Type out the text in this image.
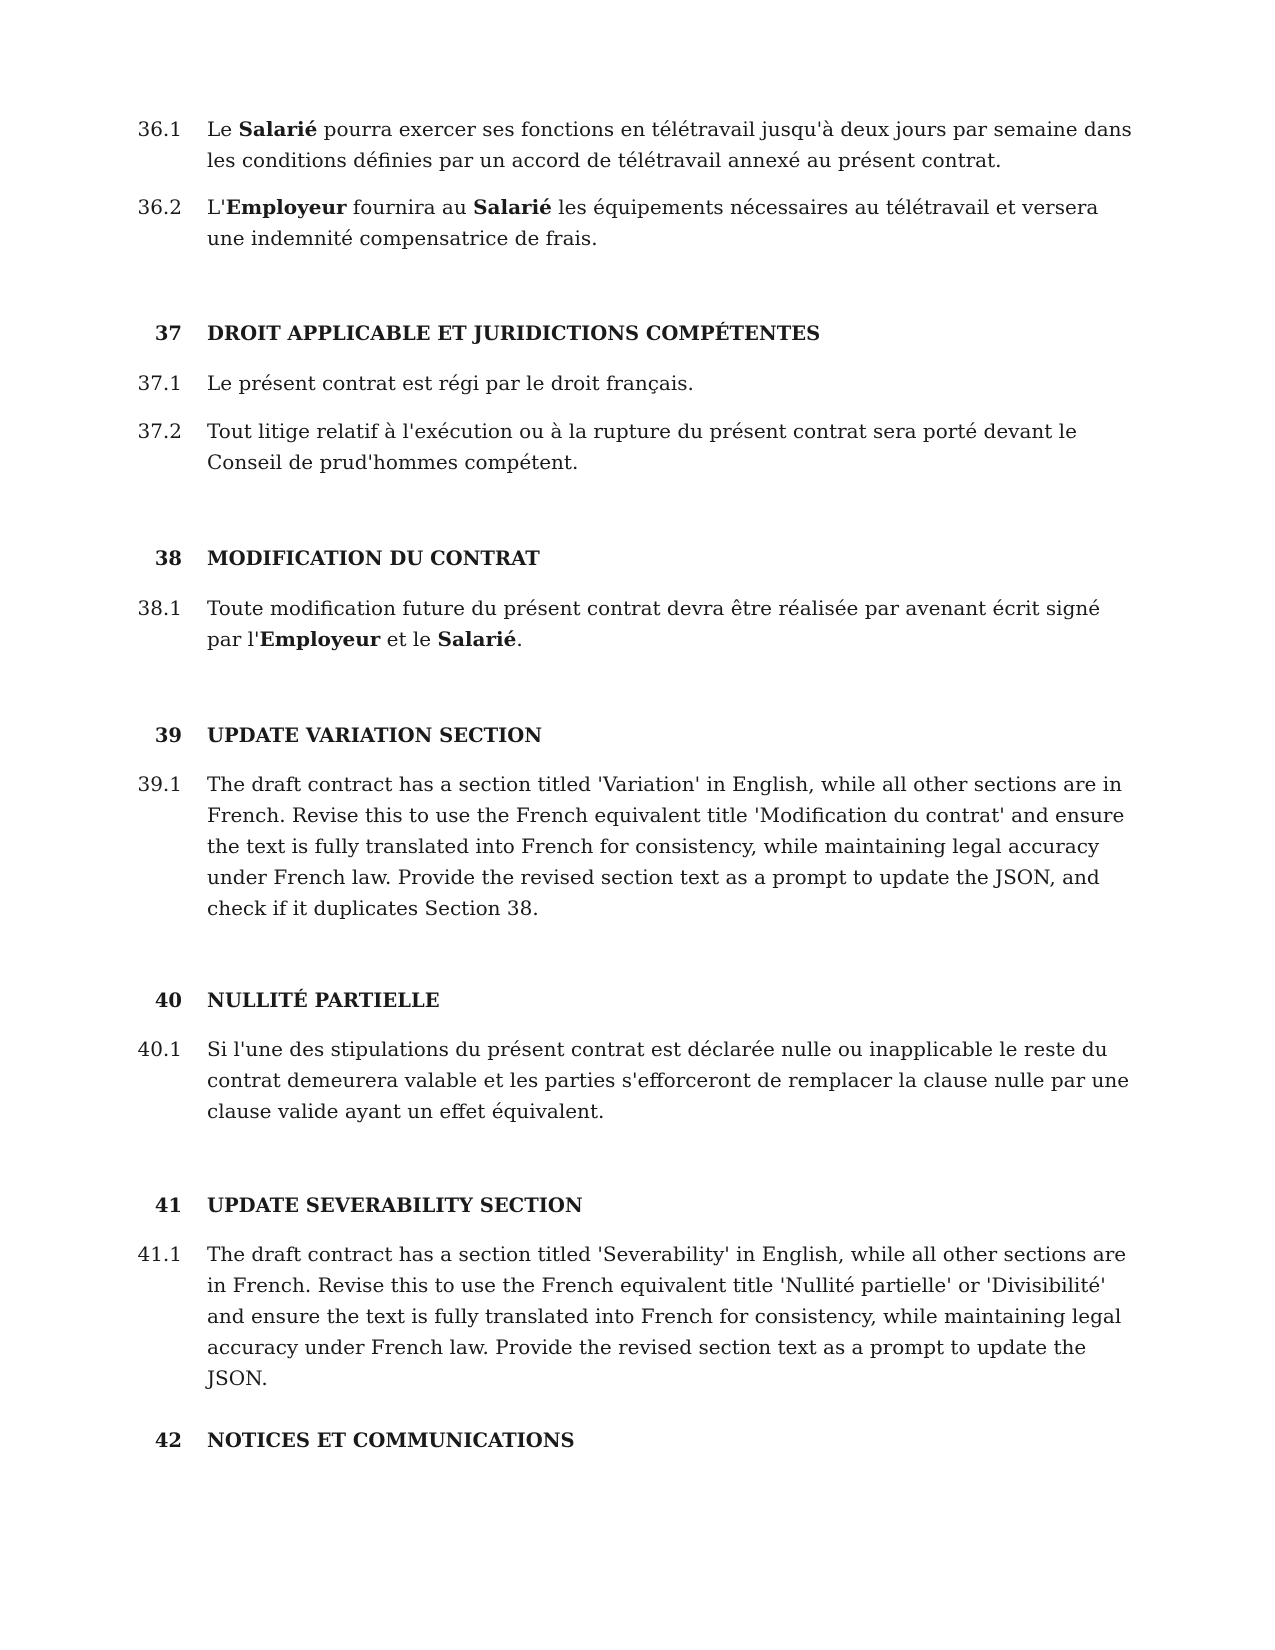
36.1 Le Salarié pourra exercer ses fonctions en télétravail jusqu'à deux jours par semaine dans les conditions définies par un accord de télétravail annexé au présent contrat.
36.2 L'Employeur fournira au Salarié les équipements nécessaires au télétravail et versera une indemnité compensatrice de frais.
37 DROIT APPLICABLE ET JURIDICTIONS COMPÉTENTES
37.1 Le présent contrat est régi par le droit français.
37.2 Tout litige relatif à l'exécution ou à la rupture du présent contrat sera porté devant le Conseil de prud'hommes compétent.
38 MODIFICATION DU CONTRAT
38.1 Toute modification future du présent contrat devra être réalisée par avenant écrit signé par l'Employeur et le Salarié.
39 UPDATE VARIATION SECTION
39.1 The draft contract has a section titled 'Variation' in English, while all other sections are in French. Revise this to use the French equivalent title 'Modification du contrat' and ensure the text is fully translated into French for consistency, while maintaining legal accuracy under French law. Provide the revised section text as a prompt to update the JSON, and check if it duplicates Section 38.
40 NULLITÉ PARTIELLE
40.1 Si l'une des stipulations du présent contrat est déclarée nulle ou inapplicable le reste du contrat demeurera valable et les parties s'efforceront de remplacer la clause nulle par une clause valide ayant un effet équivalent.
41 UPDATE SEVERABILITY SECTION
41.1 The draft contract has a section titled 'Severability' in English, while all other sections are in French. Revise this to use the French equivalent title 'Nullité partielle' or 'Divisibilité' and ensure the text is fully translated into French for consistency, while maintaining legal accuracy under French law. Provide the revised section text as a prompt to update the JSON.
42 NOTICES ET COMMUNICATIONS
